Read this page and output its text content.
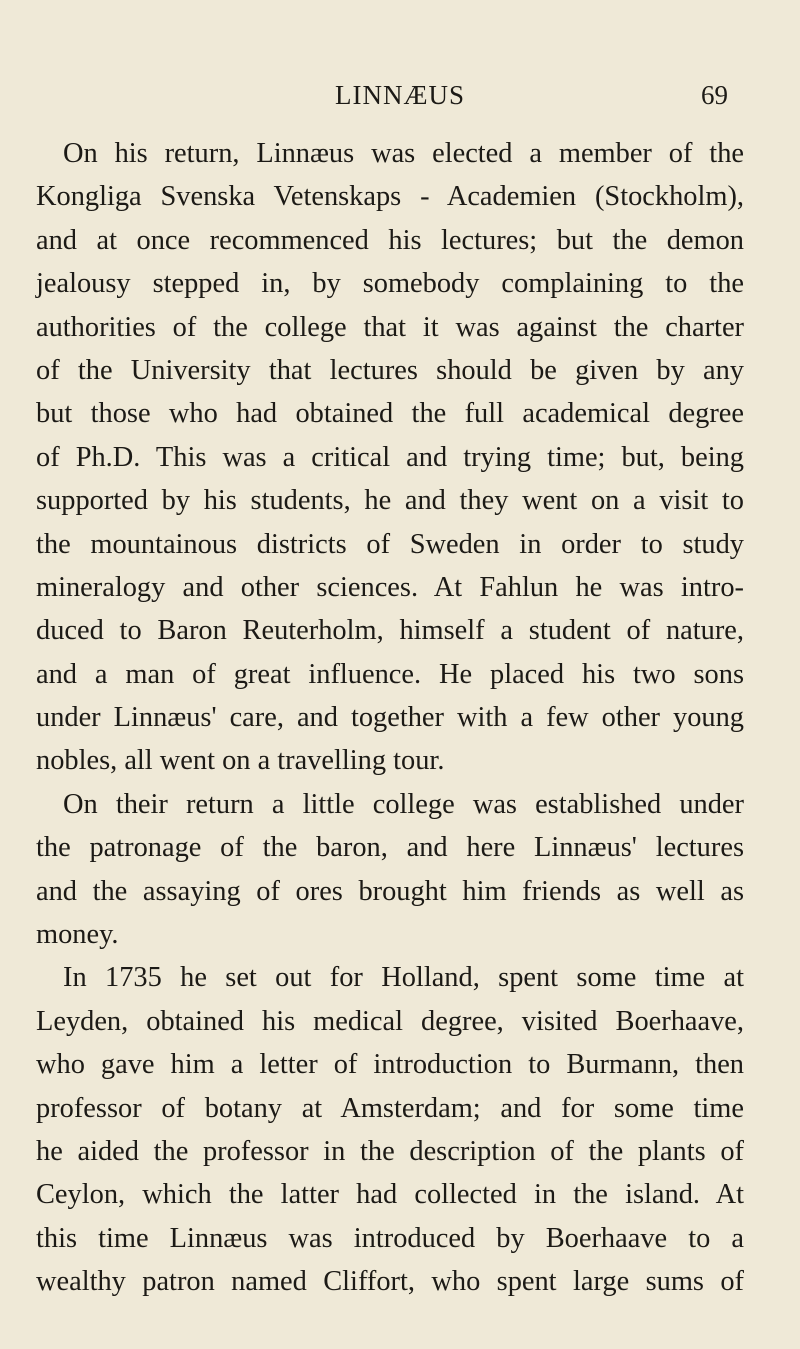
LINNÆUS	69
On his return, Linnæus was elected a member of the
Kongliga Svenska Vetenskaps - Academien (Stockholm),
and at once recommenced his lectures; but the demon
jealousy stepped in, by somebody complaining to the
authorities of the college that it was against the charter
of the University that lectures should be given by any
but those who had obtained the full academical degree
of Ph.D. This was a critical and trying time; but, being
supported by his students, he and they went on a visit to
the mountainous districts of Sweden in order to study
mineralogy and other sciences. At Fahlun he was intro-
duced to Baron Reuterholm, himself a student of nature,
and a man of great influence. He placed his two sons
under Linnæus' care, and together with a few other young
nobles, all went on a travelling tour.
On their return a little college was established under
the patronage of the baron, and here Linnæus' lectures
and the assaying of ores brought him friends as well as
money.
In 1735 he set out for Holland, spent some time at
Leyden, obtained his medical degree, visited Boerhaave,
who gave him a letter of introduction to Burmann, then
professor of botany at Amsterdam; and for some time
he aided the professor in the description of the plants of
Ceylon, which the latter had collected in the island. At
this time Linnæus was introduced by Boerhaave to a
wealthy patron named Cliffort, who spent large sums of
